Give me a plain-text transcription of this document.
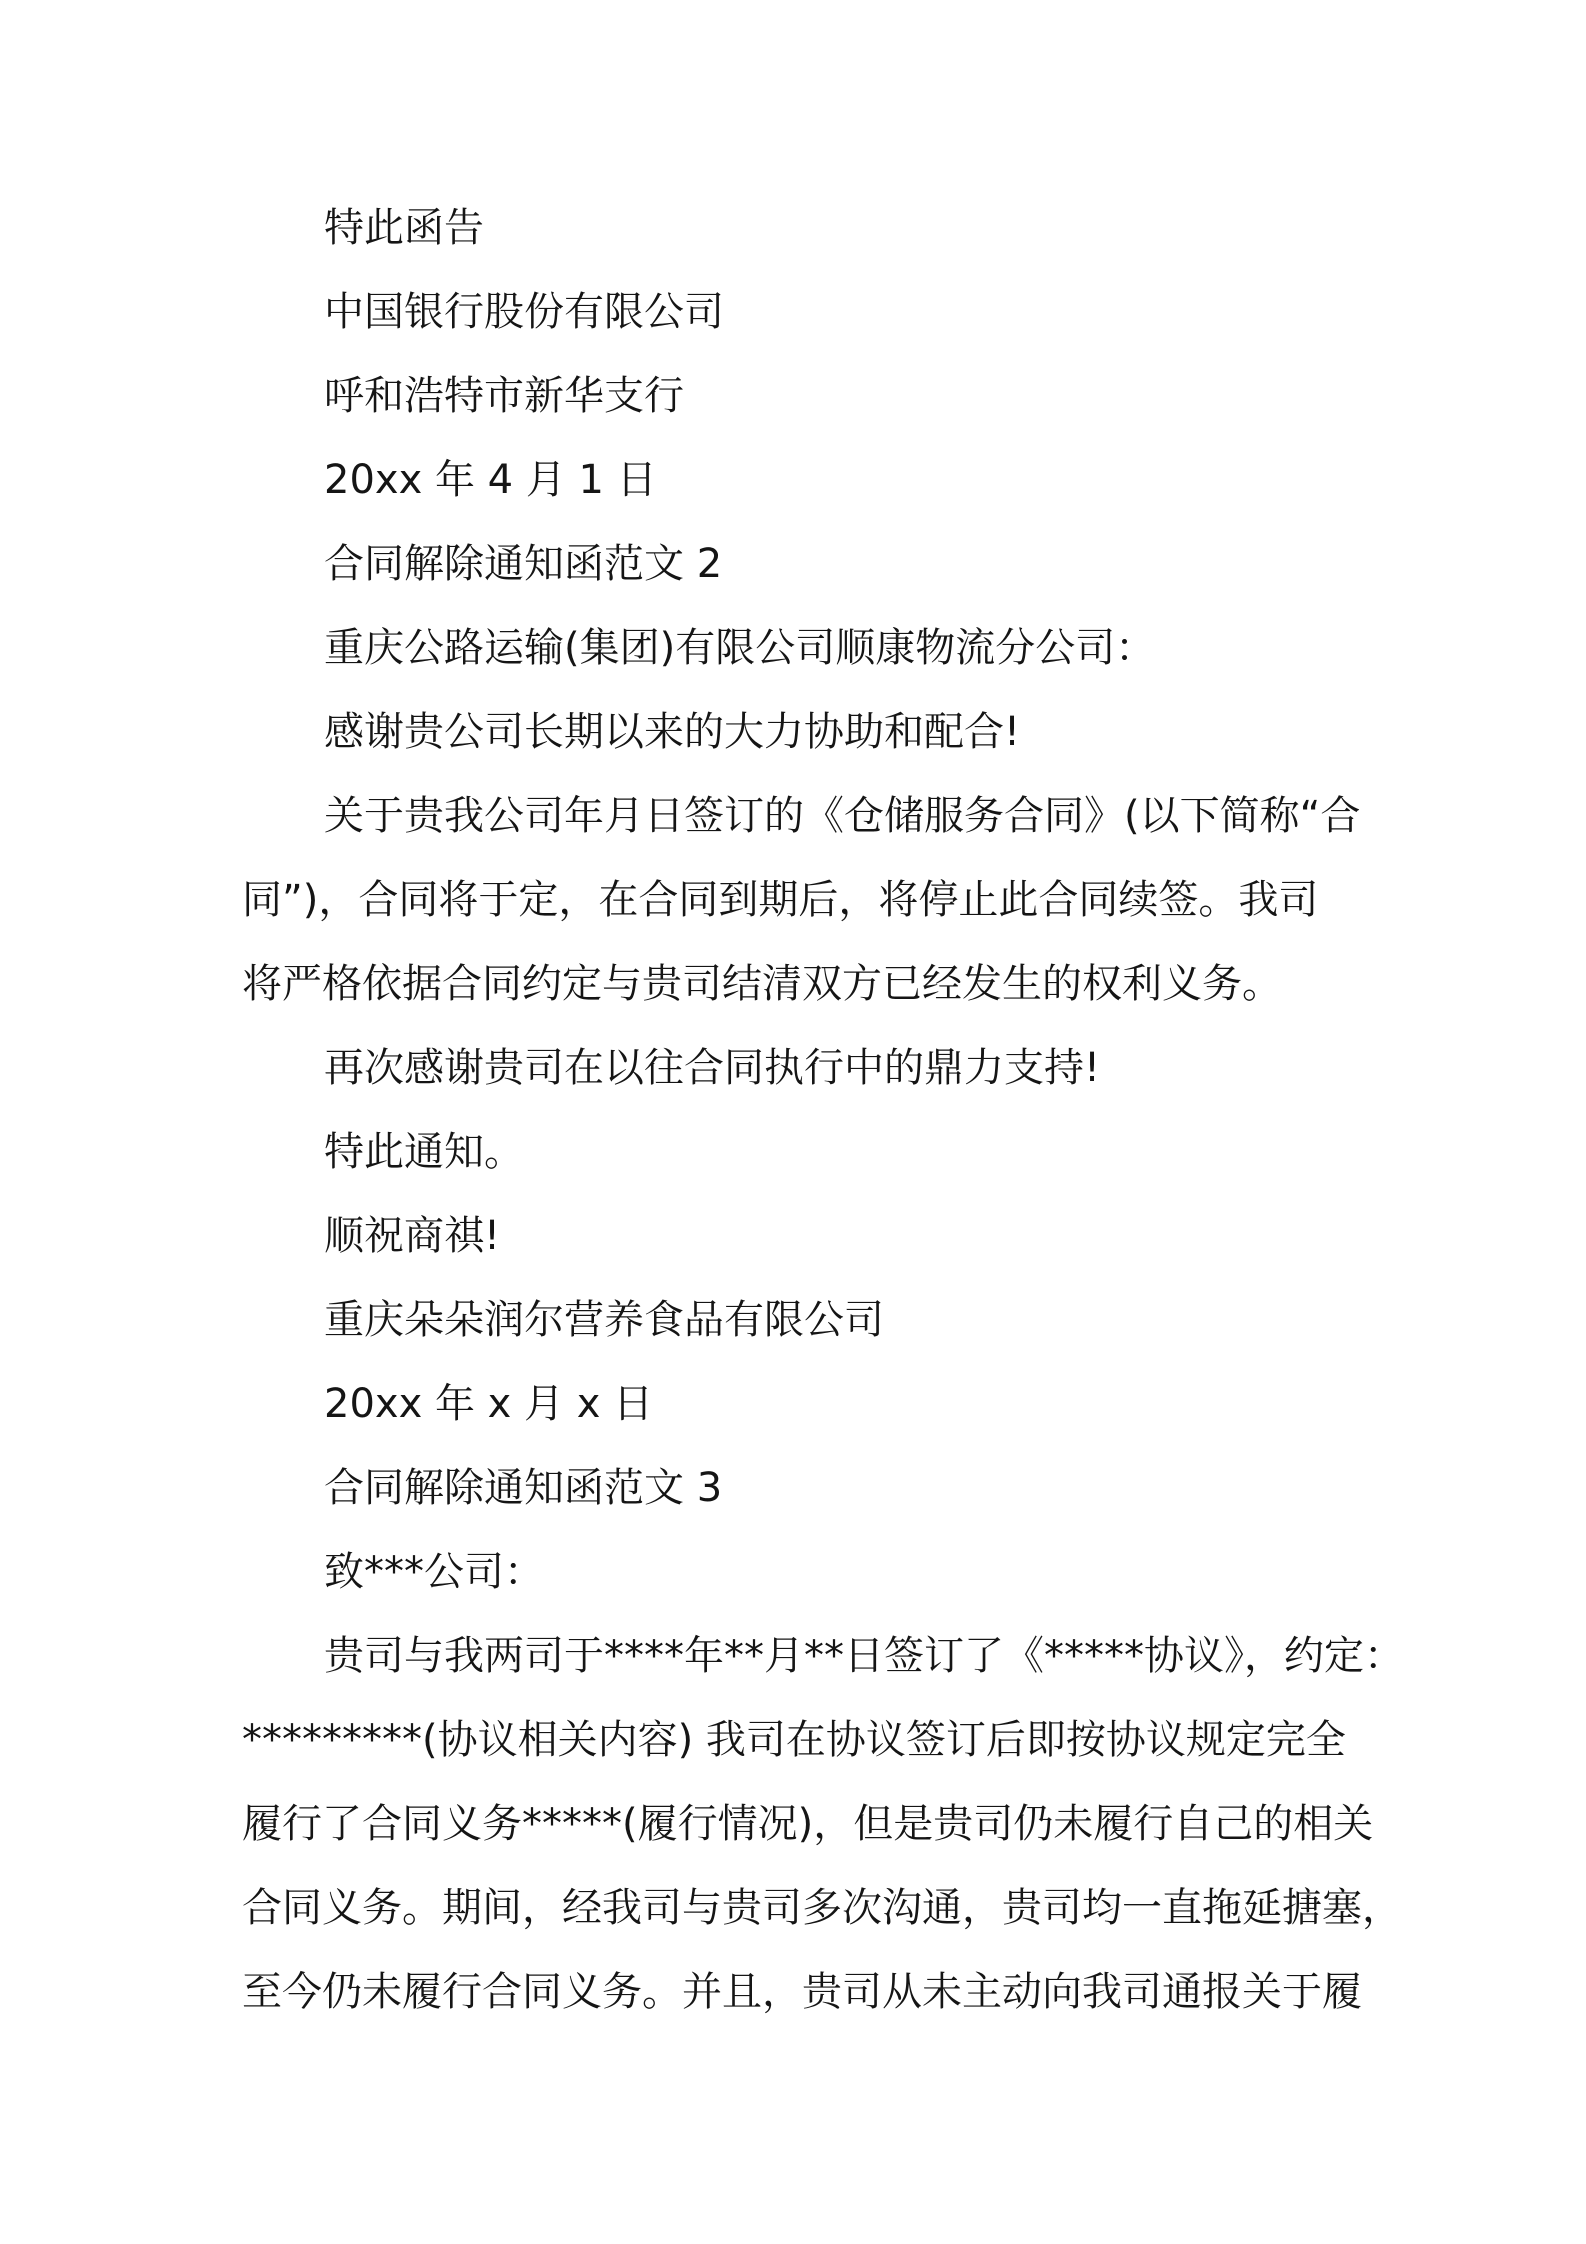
特此函告
中国银行股份有限公司
呼和浩特市新华支行
20xx 年 4 月 1 日
合同解除通知函范文 2
重庆公路运输(集团)有限公司顺康物流分公司：
感谢贵公司长期以来的大力协助和配合!
关于贵我公司年月日签订的《仓储服务合同》(以下简称“合
同”)，合同将于定，在合同到期后，将停止此合同续签。我司
将严格依据合同约定与贵司结清双方已经发生的权利义务。
再次感谢贵司在以往合同执行中的鼎力支持!
特此通知。
顺祝商祺!
重庆朵朵润尔营养食品有限公司
20xx 年 x 月 x 日
合同解除通知函范文 3
致***公司：
贵司与我两司于****年**月**日签订了《*****协议》，约定：
*********(协议相关内容) 我司在协议签订后即按协议规定完全
履行了合同义务*****(履行情况)，但是贵司仍未履行自己的相关
合同义务。期间，经我司与贵司多次沟通，贵司均一直拖延搪塞，
至今仍未履行合同义务。并且，贵司从未主动向我司通报关于履
